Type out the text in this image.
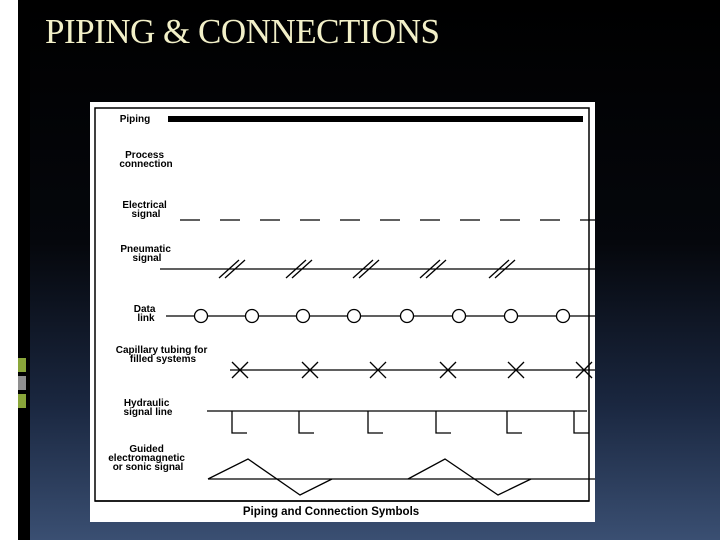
PIPING & CONNECTIONS
Piping
Process connection
Electrical signal
Pneumatic signal
Data link
Capillary tubing for filled systems
Hydraulic signal line
Guided electromagnetic or sonic signal
Piping and Connection Symbols
